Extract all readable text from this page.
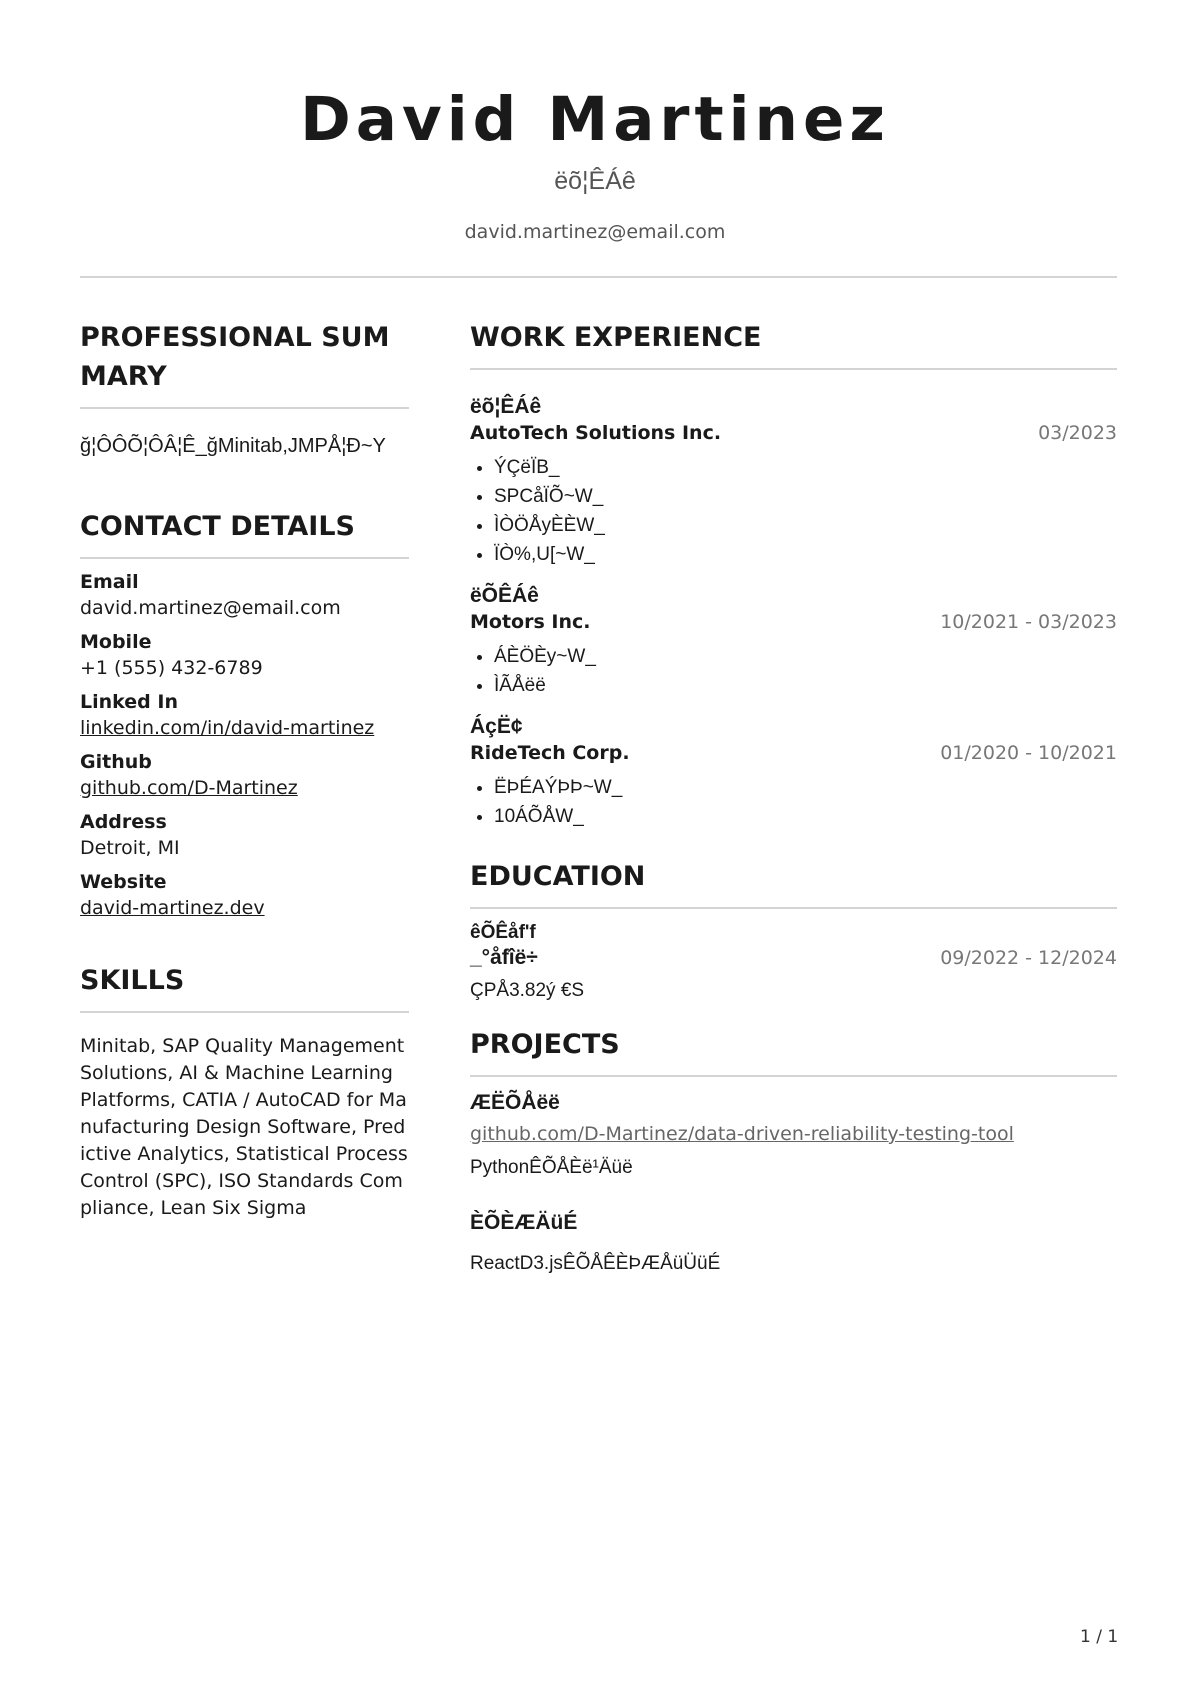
David Martinez
ëõ¦ÊÁê
david.martinez@email.com
PROFESSIONAL SUMMARY
ğ¦ÔÔÕ¦ÔÂ¦Ê_ğMinitab,JMPÅ¦Ð~Y
CONTACT DETAILS
Email
david.martinez@email.com
Mobile
+1 (555) 432-6789
Linked In
linkedin.com/in/david-martinez
Github
github.com/D-Martinez
Address
Detroit, MI
Website
david-martinez.dev
SKILLS
Minitab, SAP Quality Management Solutions, AI & Machine Learning Platforms, CATIA / AutoCAD for Manufacturing Design Software, Predictive Analytics, Statistical Process Control (SPC), ISO Standards Compliance, Lean Six Sigma
WORK EXPERIENCE
ëõ¦ÊÁê
AutoTech Solutions Inc.	03/2023
• ÝÇëÏB_
• SPCåÏÕ~W_
• ÌÒÖÅyÈÈW_
• ÏÒ%,U[~W_
ëÕÊÁê
Motors Inc.	10/2021 - 03/2023
• ÁÈÖÈy~W_
• ÌÃÅëë
ÁçË¢
RideTech Corp.	01/2020 - 10/2021
• ËÞÉAÝÞÞ~W_
• 10ÁÕÅW_
EDUCATION
êÕÊåf'f
_°åfîë÷	09/2022 - 12/2024
ÇPÅ3.82ý €S
PROJECTS
ÆËÕÅëë
github.com/D-Martinez/data-driven-reliability-testing-tool
PythonÊÕÅÈë¹Äüë
ÈÕÈÆÄüÉ
ReactD3.jsÊÕÅÊÈÞÆÅüÜüÉ
1 / 1
